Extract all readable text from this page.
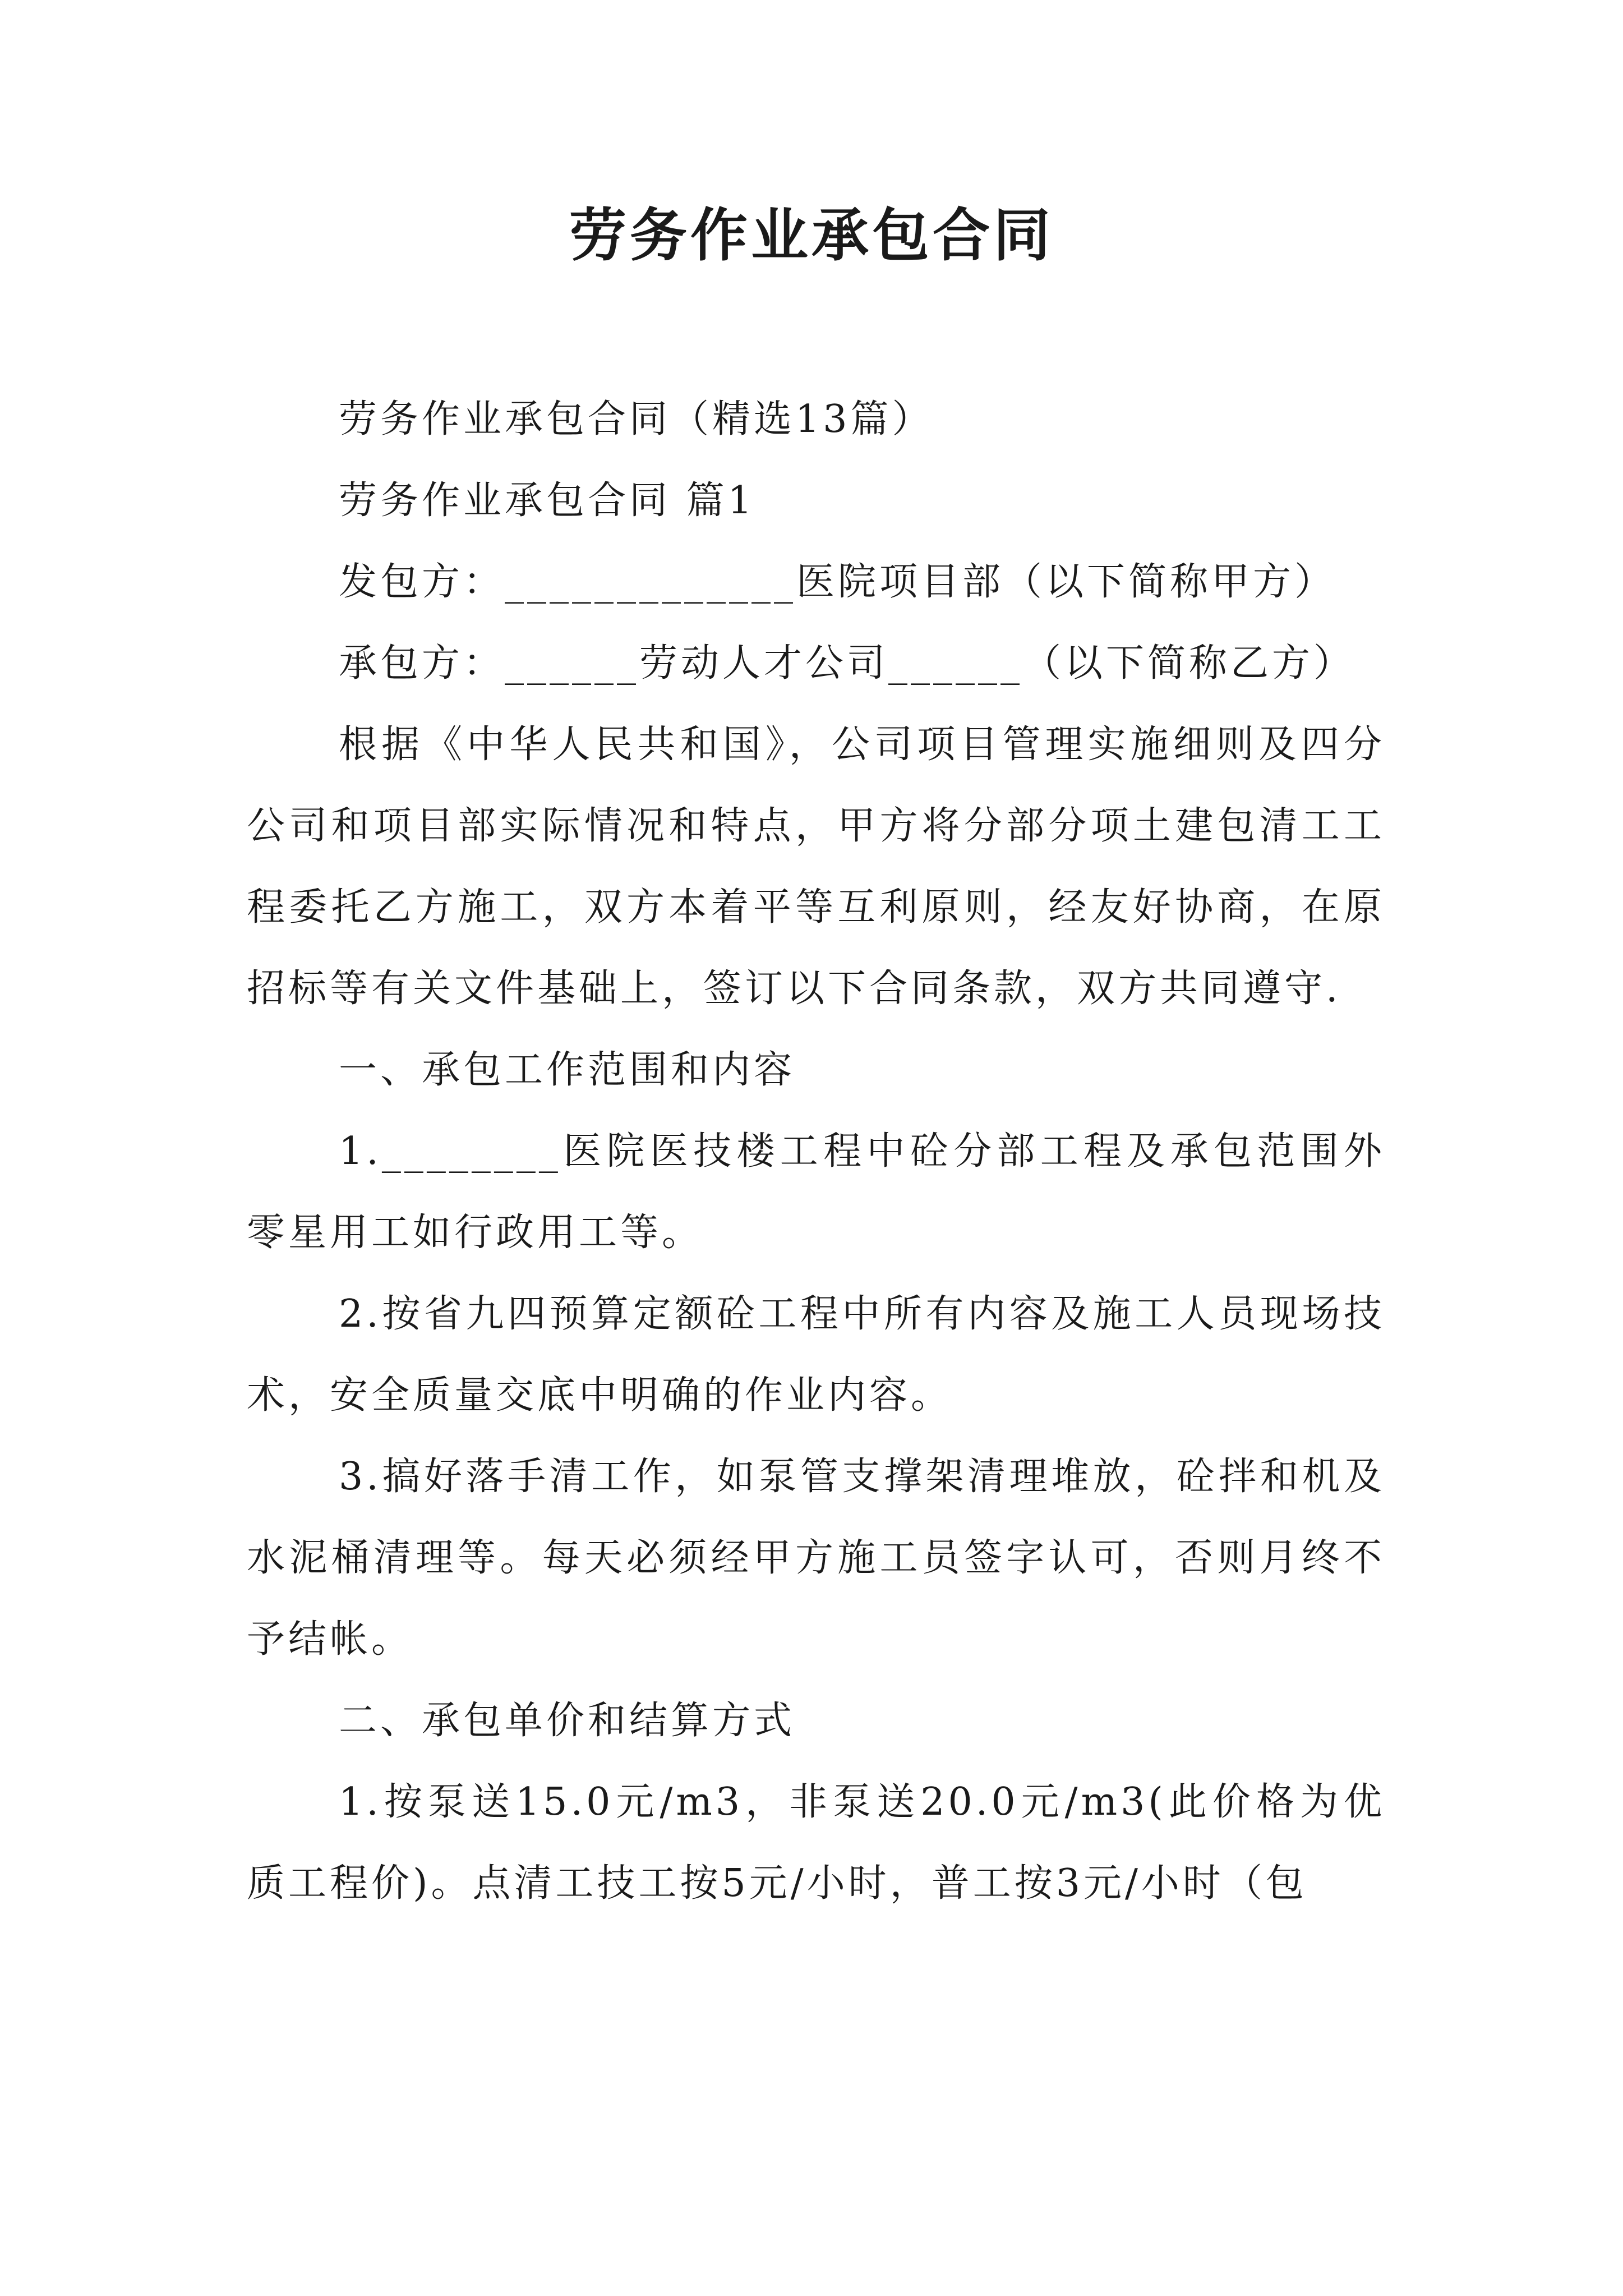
劳务作业承包合同

劳务作业承包合同（精选13篇）

劳务作业承包合同 篇1

发包方：_____________医院项目部（以下简称甲方）

承包方：______劳动人才公司______（以下简称乙方）

根据《中华人民共和国》，公司项目管理实施细则及四分公司和项目部实际情况和特点，甲方将分部分项土建包清工工程委托乙方施工，双方本着平等互利原则，经友好协商，在原招标等有关文件基础上，签订以下合同条款，双方共同遵守.

一、承包工作范围和内容

1.________医院医技楼工程中砼分部工程及承包范围外零星用工如行政用工等。

2.按省九四预算定额砼工程中所有内容及施工人员现场技术，安全质量交底中明确的作业内容。

3.搞好落手清工作，如泵管支撑架清理堆放，砼拌和机及水泥桶清理等。每天必须经甲方施工员签字认可，否则月终不予结帐。

二、承包单价和结算方式

1.按泵送15.0元/m3，非泵送20.0元/m3(此价格为优质工程价)。点清工技工按5元/小时，普工按3元/小时（包
